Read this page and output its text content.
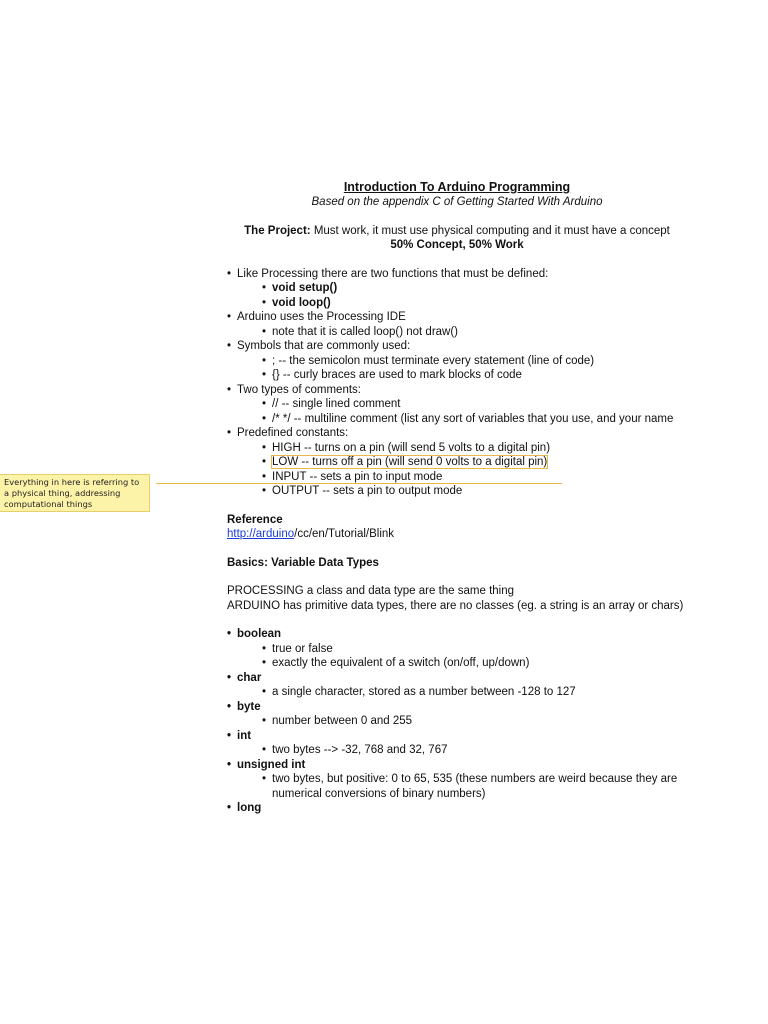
Introduction To Arduino Programming
Based on the appendix C of Getting Started With Arduino
The Project: Must work, it must use physical computing and it must have a concept
50% Concept, 50% Work
• Like Processing there are two functions that must be defined:
• void setup()
• void loop()
• Arduino uses the Processing IDE
• note that it is called loop() not draw()
• Symbols that are commonly used:
• ; -- the semicolon must terminate every statement (line of code)
• {} -- curly braces are used to mark blocks of code
• Two types of comments:
• // -- single lined comment
• /* */ -- multiline comment (list any sort of variables that you use, and your name
• Predefined constants:
• HIGH -- turns on a pin (will send 5 volts to a digital pin)
• LOW -- turns off a pin (will send 0 volts to a digital pin)
• INPUT -- sets a pin to input mode
• OUTPUT -- sets a pin to output mode
Reference
http://arduino/cc/en/Tutorial/Blink
Basics: Variable Data Types
PROCESSING a class and data type are the same thing
ARDUINO has primitive data types, there are no classes (eg. a string is an array or chars)
• boolean
• true or false
• exactly the equivalent of a switch (on/off, up/down)
• char
• a single character, stored as a number between -128 to 127
• byte
• number between 0 and 255
• int
• two bytes --> -32, 768 and 32, 767
• unsigned int
• two bytes, but positive: 0 to 65, 535 (these numbers are weird because they are numerical conversions of binary numbers)
• long
Everything in here is referring to a physical thing, addressing computational things
